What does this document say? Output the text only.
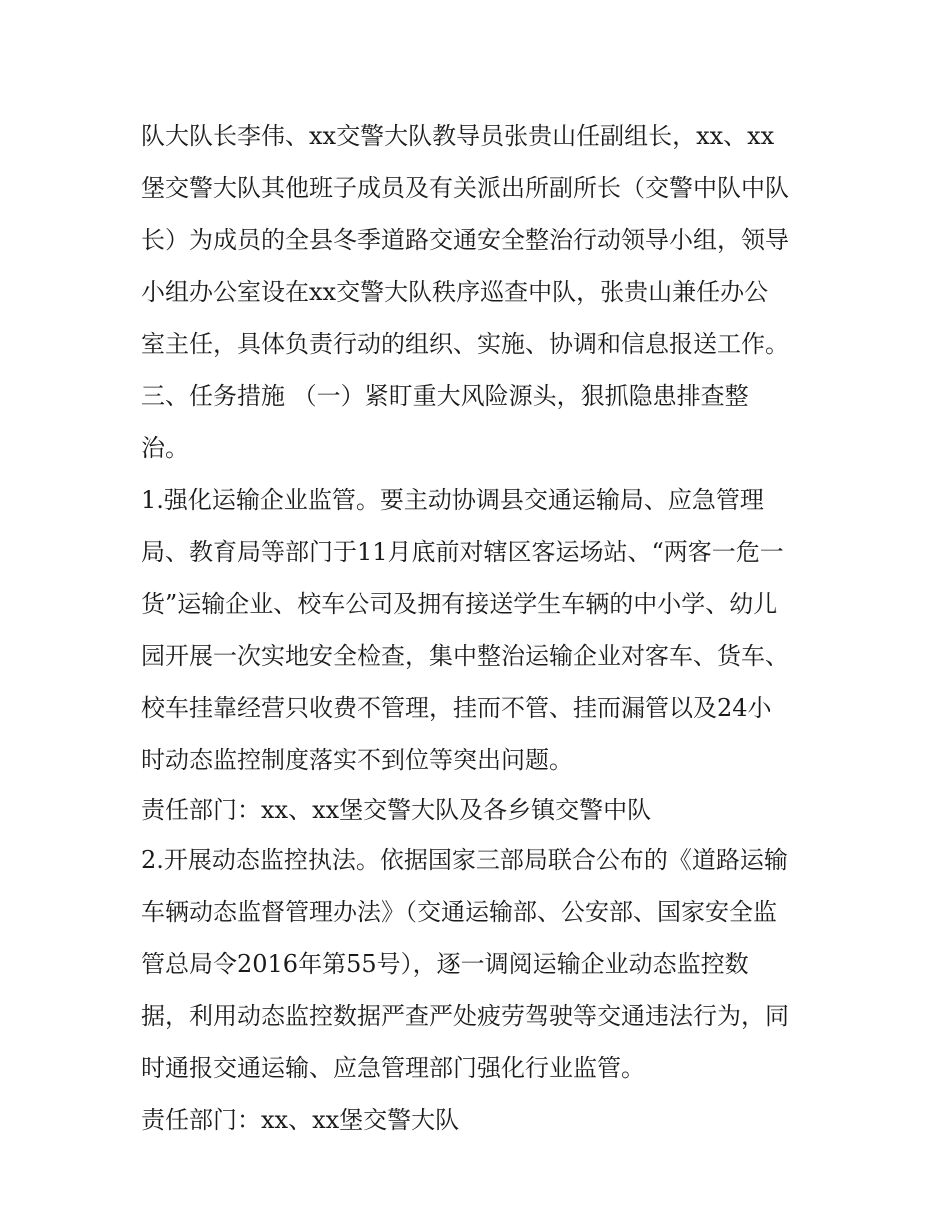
队大队长李伟、xx交警大队教导员张贵山任副组长，xx、xx
堡交警大队其他班子成员及有关派出所副所长（交警中队中队
长）为成员的全县冬季道路交通安全整治行动领导小组，领导
小组办公室设在xx交警大队秩序巡查中队，张贵山兼任办公
室主任，具体负责行动的组织、实施、协调和信息报送工作。
三、任务措施 （一）紧盯重大风险源头，狠抓隐患排查整
治。
1.强化运输企业监管。要主动协调县交通运输局、应急管理
局、教育局等部门于11月底前对辖区客运场站、“两客一危一
货”运输企业、校车公司及拥有接送学生车辆的中小学、幼儿
园开展一次实地安全检查，集中整治运输企业对客车、货车、
校车挂靠经营只收费不管理，挂而不管、挂而漏管以及24小
时动态监控制度落实不到位等突出问题。
责任部门：xx、xx堡交警大队及各乡镇交警中队
2.开展动态监控执法。依据国家三部局联合公布的《道路运输
车辆动态监督管理办法》（交通运输部、公安部、国家安全监
管总局令2016年第55号），逐一调阅运输企业动态监控数
据，利用动态监控数据严查严处疲劳驾驶等交通违法行为，同
时通报交通运输、应急管理部门强化行业监管。
责任部门：xx、xx堡交警大队
